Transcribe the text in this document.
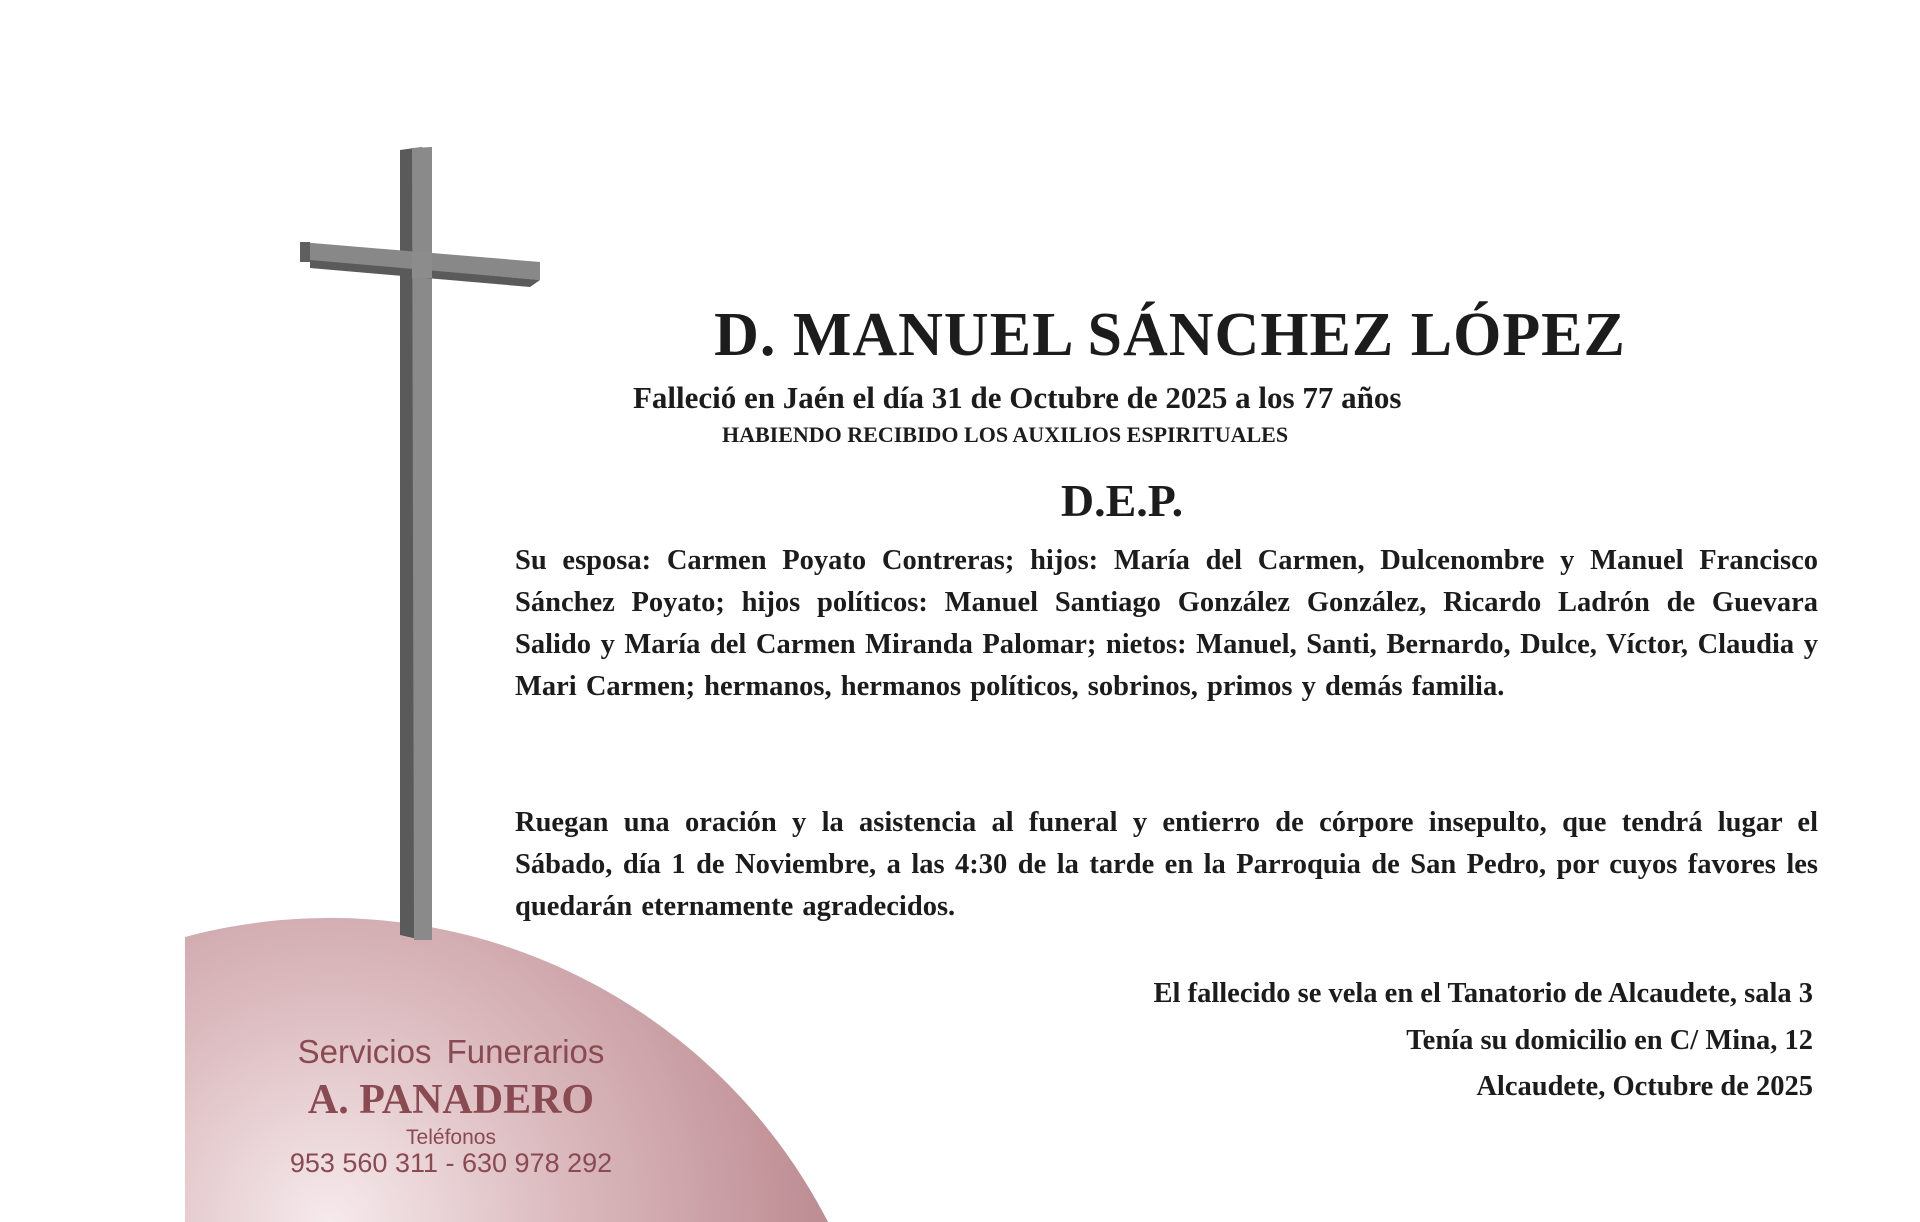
D. MANUEL SÁNCHEZ LÓPEZ
Falleció en Jaén el día 31 de Octubre de 2025 a los 77 años
HABIENDO RECIBIDO LOS AUXILIOS ESPIRITUALES
D.E.P.
Su esposa: Carmen Poyato Contreras; hijos: María del Carmen, Dulcenombre y Manuel Francisco Sánchez Poyato; hijos políticos: Manuel Santiago González González, Ricardo Ladrón de Guevara Salido y María del Carmen Miranda Palomar; nietos: Manuel, Santi, Bernardo, Dulce, Víctor, Claudia y Mari Carmen; hermanos, hermanos políticos, sobrinos, primos y demás familia.
Ruegan una oración y la asistencia al funeral y entierro de córpore insepulto, que tendrá lugar el Sábado, día 1 de Noviembre, a las 4:30 de la tarde en la Parroquia de San Pedro, por cuyos favores les quedarán eternamente agradecidos.
El fallecido se vela en el Tanatorio de Alcaudete, sala 3
Tenía su domicilio en C/ Mina, 12
Alcaudete, Octubre de 2025
Servicios Funerarios
A. PANADERO
Teléfonos
953 560 311 - 630 978 292
